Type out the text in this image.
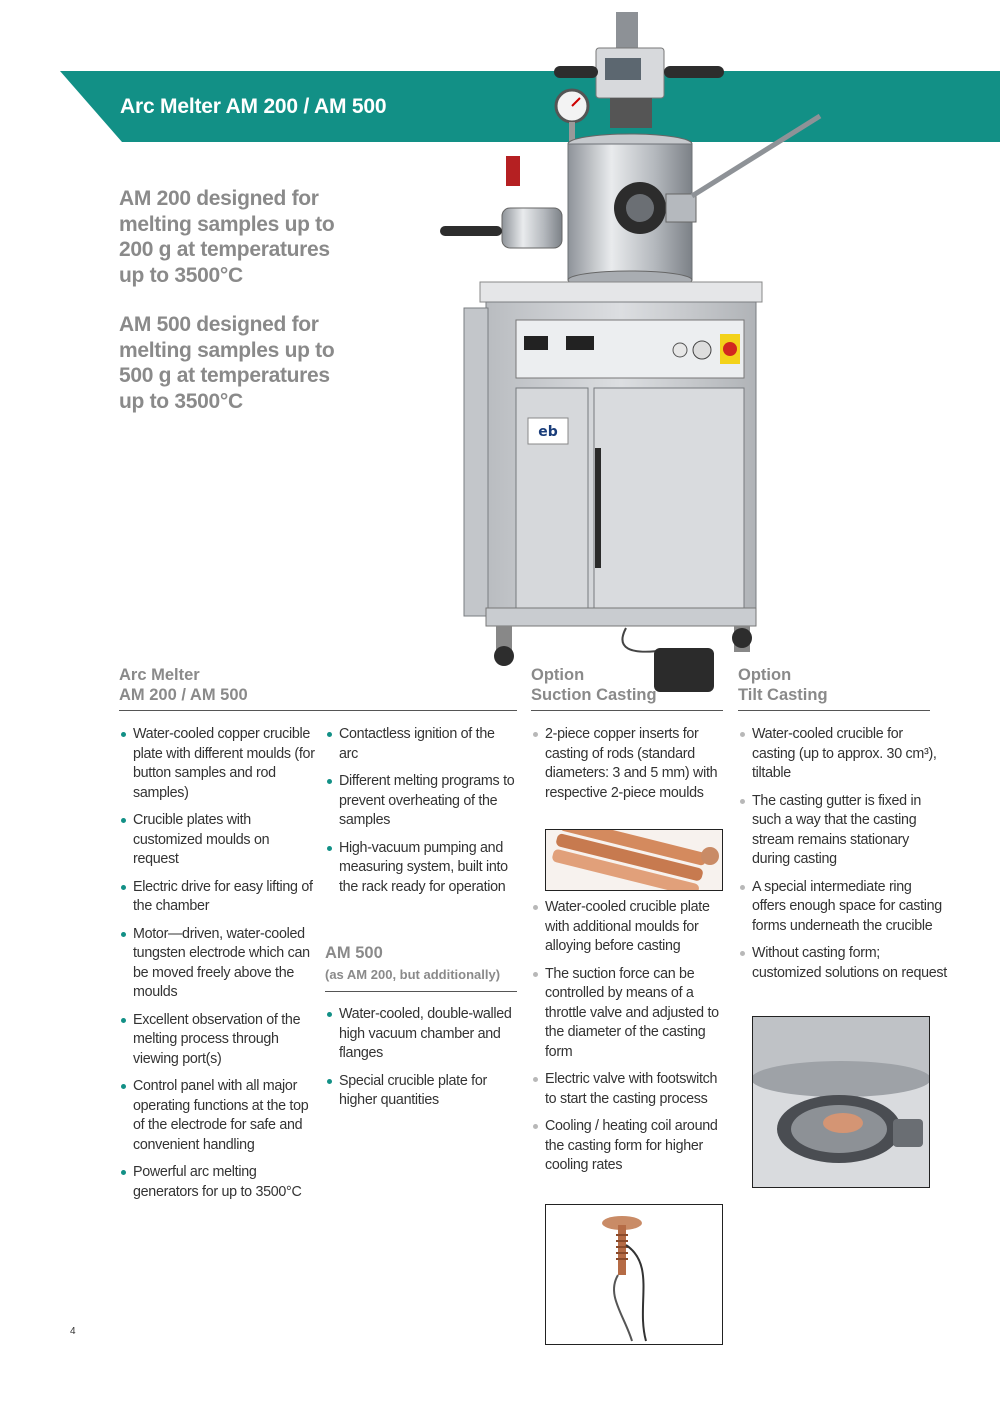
Arc Melter AM 200 / AM 500

AM 200 designed for
melting samples up to
200 g at temperatures
up to 3500°C

AM 500 designed for
melting samples up to
500 g at temperatures
up to 3500°C

eb
Arc Melter
AM 200 / AM 500
Option
Suction Casting
Option
Tilt Casting
Water-cooled copper crucible plate with different moulds (for button samples and rod samples)
Crucible plates with customized moulds on request
Electric drive for easy lifting of the chamber
Motor—driven, water-cooled tungsten electrode which can be moved freely above the moulds
Excellent observation of the melting process through viewing port(s)
Control panel with all major operating functions at the top of the electrode for safe and convenient handling
Powerful arc melting generators for up to 3500°C
Contactless ignition of the arc
Different melting programs to prevent overheating of the samples
High-vacuum pumping and measuring system, built into the rack ready for operation
AM 500
(as AM 200, but additionally)
Water-cooled, double-walled high vacuum chamber and flanges
Special crucible plate for higher quantities
2-piece copper inserts for casting of rods (standard diameters: 3 and 5 mm) with respective 2-piece moulds
Water-cooled crucible plate with additional moulds for alloying before casting
The suction force can be controlled by means of a throttle valve and adjusted to the diameter of the casting form
Electric valve with footswitch to start the casting process
Cooling / heating coil around the casting form for higher cooling rates
Water-cooled crucible for casting (up to approx. 30 cm³), tiltable
The casting gutter is fixed in such a way that the casting stream remains stationary during casting
A special intermediate ring offers enough space for casting forms underneath the crucible
Without casting form; customized solutions on request
4
